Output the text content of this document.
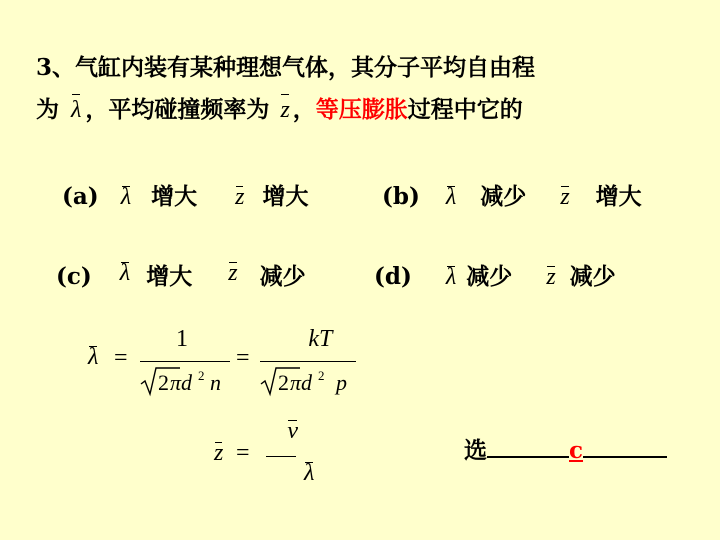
3、气缸内装有某种理想气体，其分子平均自由程
为 λ ，平均碰撞频率为 z ，等压膨胀过程中它的
(a) λ 增大 z 增大	(b) λ 减少 z 增大
(c) λ 增大 z 减少	(d) λ 减少 z 减少
λ =
1
2 πd 2 n
=
kT
2 πd 2 p
z =
v
λ
选	c
